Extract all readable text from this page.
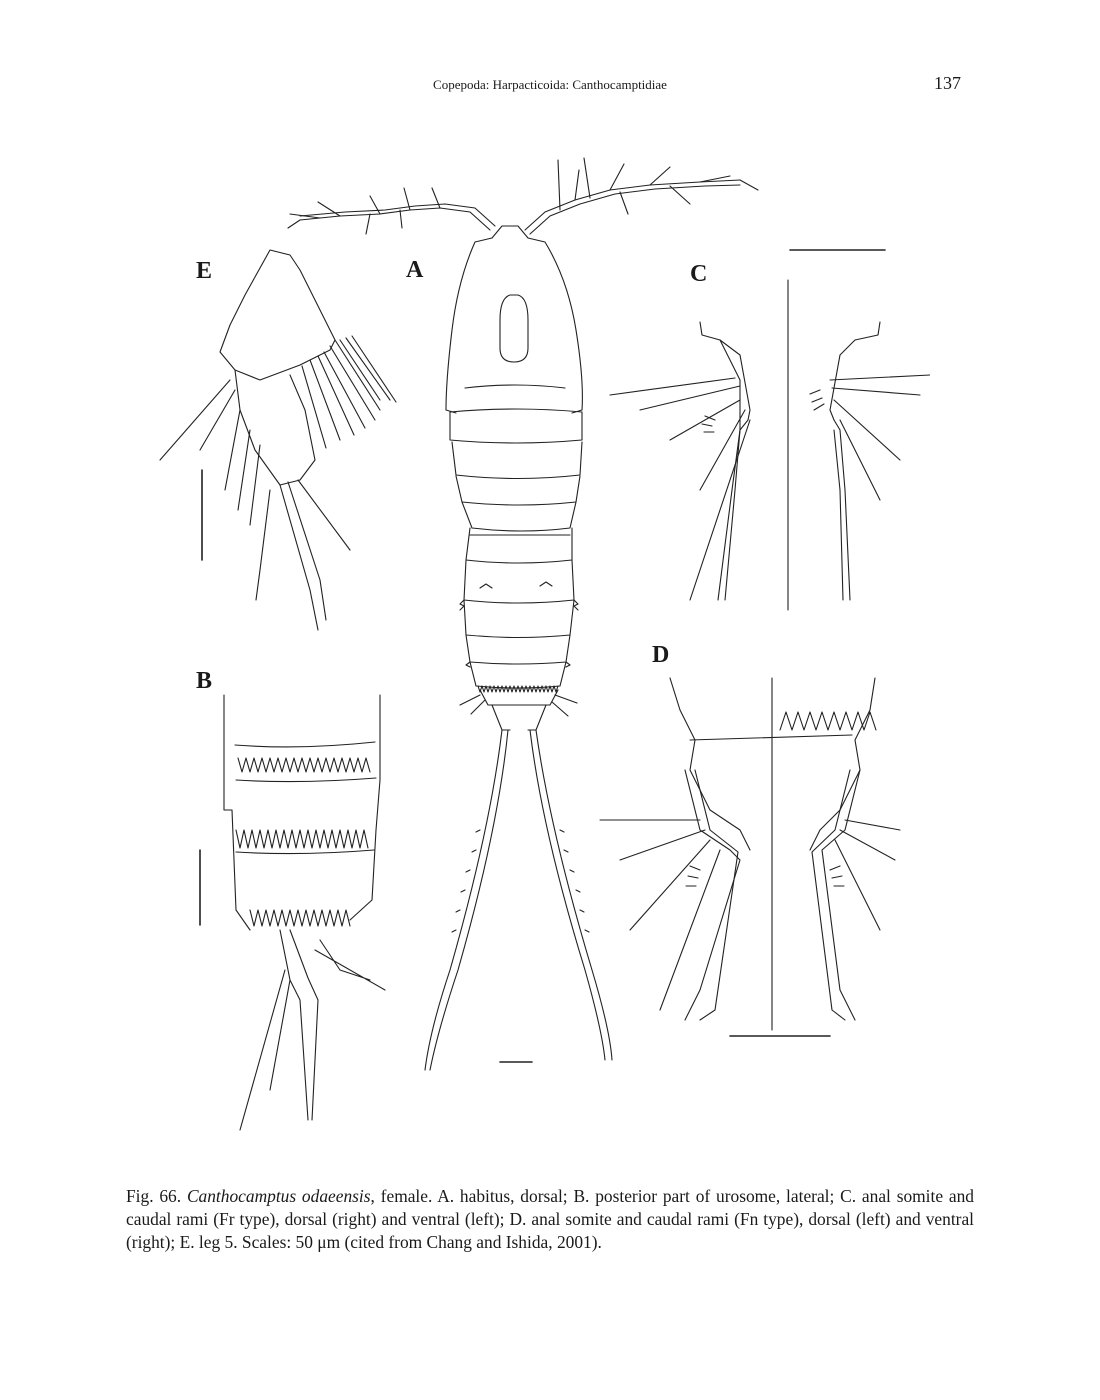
Copepoda: Harpacticoida: Canthocamptidiae	137
E	A	C
D
B
Fig. 66. Canthocamptus odaeensis, female. A. habitus, dorsal; B. posterior part of urosome, lateral; C. anal somite and caudal rami (Fr type), dorsal (right) and ventral (left); D. anal somite and caudal rami (Fn type), dorsal (left) and ventral (right); E. leg 5. Scales: 50 μm (cited from Chang and Ishida, 2001).
